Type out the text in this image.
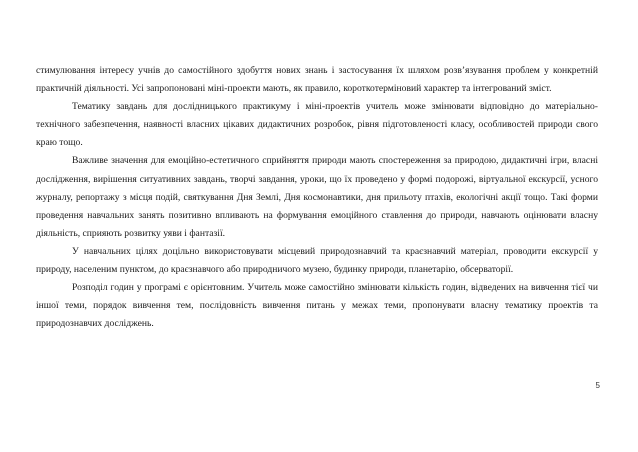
стимулювання інтересу учнів до самостійного здобуття нових знань і застосування їх шляхом розв’язування проблем у конкретній практичній діяльності. Усі запропоновані міні-проекти мають, як правило, короткотерміновий характер та інтегрований зміст.

Тематику завдань для дослідницького практикуму і міні-проектів учитель може змінювати відповідно до матеріально-технічного забезпечення, наявності власних цікавих дидактичних розробок, рівня підготовленості класу, особливостей природи свого краю тощо.

Важливе значення для емоційно-естетичного сприйняття природи мають спостереження за природою, дидактичні ігри, власні дослідження, вирішення ситуативних завдань, творчі завдання, уроки, що їх проведено у формі подорожі, віртуальної екскурсії, усного журналу, репортажу з місця подій, святкування Дня Землі, Дня космонавтики, дня прильоту птахів, екологічні акції тощо. Такі форми проведення навчальних занять позитивно впливають на формування емоційного ставлення до природи, навчають оцінювати власну діяльність, сприяють розвитку уяви і фантазії.

У навчальних цілях доцільно використовувати місцевий природознавчий та краєзнавчий матеріал, проводити екскурсії у природу, населеним пунктом, до краєзнавчого або природничого музею, будинку природи, планетарію, обсерваторії.

Розподіл годин у програмі є орієнтовним. Учитель може самостійно змінювати кількість годин, відведених на вивчення тієї чи іншої теми, порядок вивчення тем, послідовність вивчення питань у межах теми, пропонувати власну тематику проектів та природознавчих досліджень.

5
